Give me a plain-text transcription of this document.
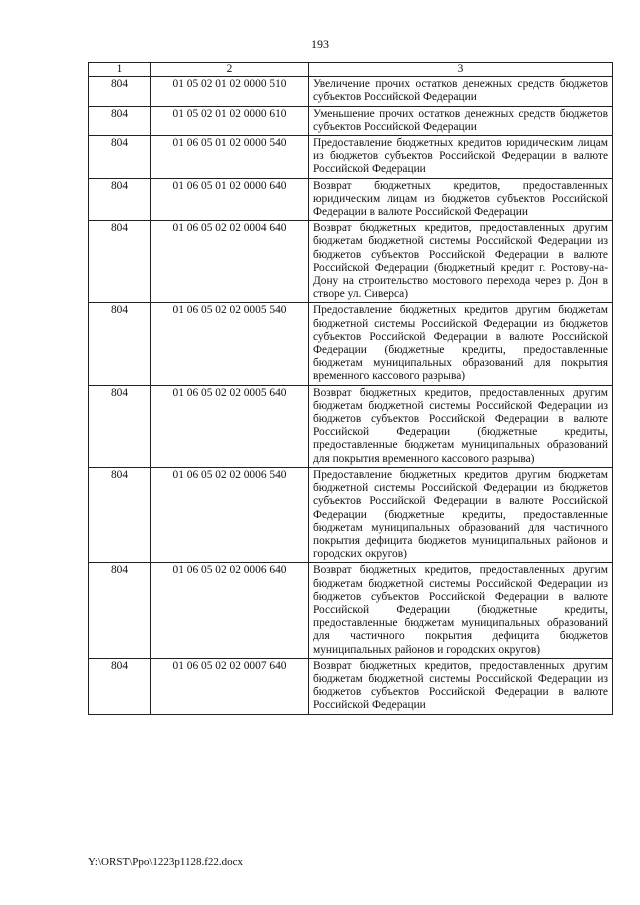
193
1	2	3
804	01 05 02 01 02 0000 510	Увеличение прочих остатков денежных средств бюджетов субъектов Российской Федерации
804	01 05 02 01 02 0000 610	Уменьшение прочих остатков денежных средств бюджетов субъектов Российской Федерации
804	01 06 05 01 02 0000 540	Предоставление бюджетных кредитов юридическим лицам из бюджетов субъектов Российской Федерации в валюте Российской Федерации
804	01 06 05 01 02 0000 640	Возврат бюджетных кредитов, предоставленных юридическим лицам из бюджетов субъектов Российской Федерации в валюте Российской Федерации
804	01 06 05 02 02 0004 640	Возврат бюджетных кредитов, предоставленных другим бюджетам бюджетной системы Российской Федерации из бюджетов субъектов Российской Федерации в валюте Российской Федерации (бюджетный кредит г. Ростову-на-Дону на строительство мостового перехода через р. Дон в створе ул. Сиверса)
804	01 06 05 02 02 0005 540	Предоставление бюджетных кредитов другим бюджетам бюджетной системы Российской Федерации из бюджетов субъектов Российской Федерации в валюте Российской Федерации (бюджетные кредиты, предоставленные бюджетам муниципальных образований для покрытия временного кассового разрыва)
804	01 06 05 02 02 0005 640	Возврат бюджетных кредитов, предоставленных другим бюджетам бюджетной системы Российской Федерации из бюджетов субъектов Российской Федерации в валюте Российской Федерации (бюджетные кредиты, предоставленные бюджетам муниципальных образований для покрытия временного кассового разрыва)
804	01 06 05 02 02 0006 540	Предоставление бюджетных кредитов другим бюджетам бюджетной системы Российской Федерации из бюджетов субъектов Российской Федерации в валюте Российской Федерации (бюджетные кредиты, предоставленные бюджетам муниципальных образований для частичного покрытия дефицита бюджетов муниципальных районов и городских округов)
804	01 06 05 02 02 0006 640	Возврат бюджетных кредитов, предоставленных другим бюджетам бюджетной системы Российской Федерации из бюджетов субъектов Российской Федерации в валюте Российской Федерации (бюджетные кредиты, предоставленные бюджетам муниципальных образований для частичного покрытия дефицита бюджетов муниципальных районов и городских округов)
804	01 06 05 02 02 0007 640	Возврат бюджетных кредитов, предоставленных другим бюджетам бюджетной системы Российской Федерации из бюджетов субъектов Российской Федерации в валюте Российской Федерации
Y:\ORST\Ppo\1223p1128.f22.docx
